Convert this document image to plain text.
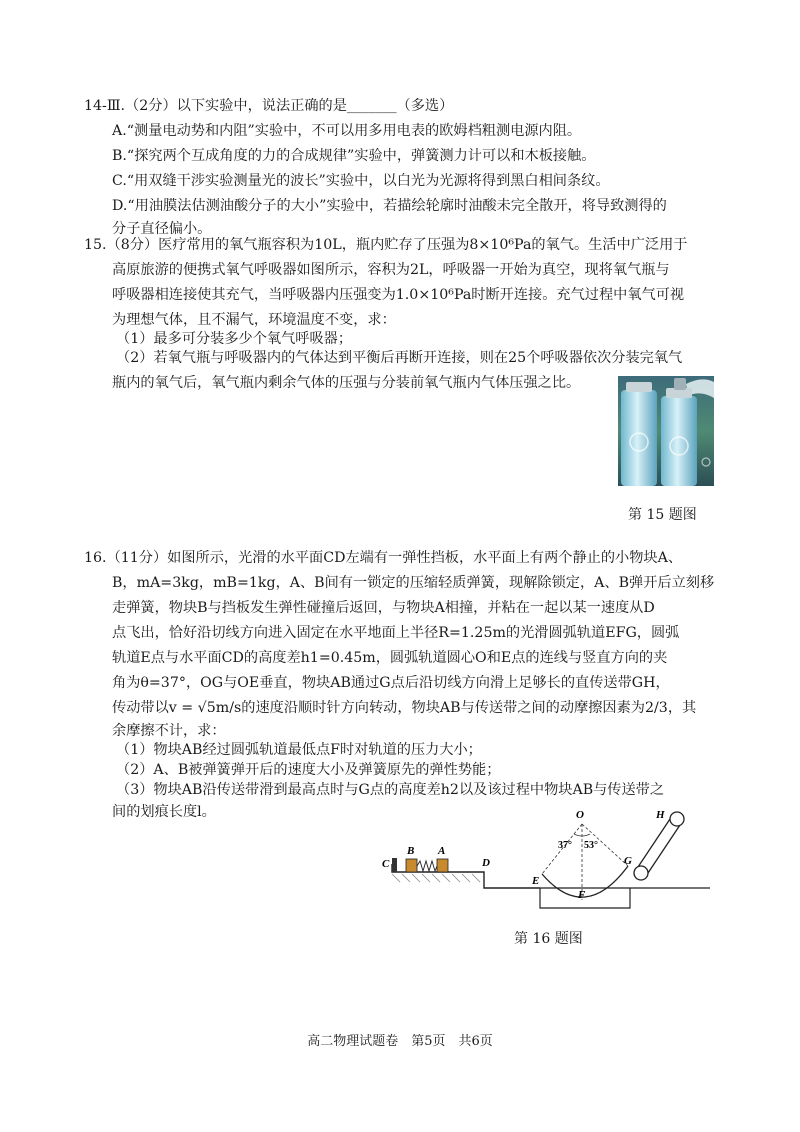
14-Ⅲ.（2分）以下实验中，说法正确的是_______（多选）
A.“测量电动势和内阻”实验中，不可以用多用电表的欧姆档粗测电源内阻。
B.“探究两个互成角度的力的合成规律”实验中，弹簧测力计可以和木板接触。
C.“用双缝干涉实验测量光的波长”实验中，以白光为光源将得到黑白相间条纹。
D.“用油膜法估测油酸分子的大小”实验中，若描绘轮廓时油酸未完全散开，将导致测得的
分子直径偏小。
15.（8分）医疗常用的氧气瓶容积为10L，瓶内贮存了压强为8×10⁶Pa的氧气。生活中广泛用于
高原旅游的便携式氧气呼吸器如图所示，容积为2L，呼吸器一开始为真空，现将氧气瓶与
呼吸器相连接使其充气，当呼吸器内压强变为1.0×10⁶Pa时断开连接。充气过程中氧气可视
为理想气体，且不漏气，环境温度不变，求：
（1）最多可分装多少个氧气呼吸器；
（2）若氧气瓶与呼吸器内的气体达到平衡后再断开连接，则在25个呼吸器依次分装完氧气
瓶内的氧气后，氧气瓶内剩余气体的压强与分装前氧气瓶内气体压强之比。
第 15 题图
16.（11分）如图所示，光滑的水平面CD左端有一弹性挡板，水平面上有两个静止的小物块A、
B，mA=3kg，mB=1kg，A、B间有一锁定的压缩轻质弹簧，现解除锁定，A、B弹开后立刻移
走弹簧，物块B与挡板发生弹性碰撞后返回，与物块A相撞，并粘在一起以某一速度从D
点飞出，恰好沿切线方向进入固定在水平地面上半径R=1.25m的光滑圆弧轨道EFG，圆弧
轨道E点与水平面CD的高度差h1=0.45m，圆弧轨道圆心O和E点的连线与竖直方向的夹
角为θ=37°，OG与OE垂直，物块AB通过G点后沿切线方向滑上足够长的直传送带GH，
传动带以v = √5m/s的速度沿顺时针方向转动，物块AB与传送带之间的动摩擦因素为2/3，其
余摩擦不计，求：
（1）物块AB经过圆弧轨道最低点F时对轨道的压力大小；
（2）A、B被弹簧弹开后的速度大小及弹簧原先的弹性势能；
（3）物块AB沿传送带滑到最高点时与G点的高度差h2以及该过程中物块AB与传送带之
间的划痕长度l。
C
B A
D
O	H
E
F
G
37° 53°
第 16 题图
高二物理试题卷　第5页　共6页
